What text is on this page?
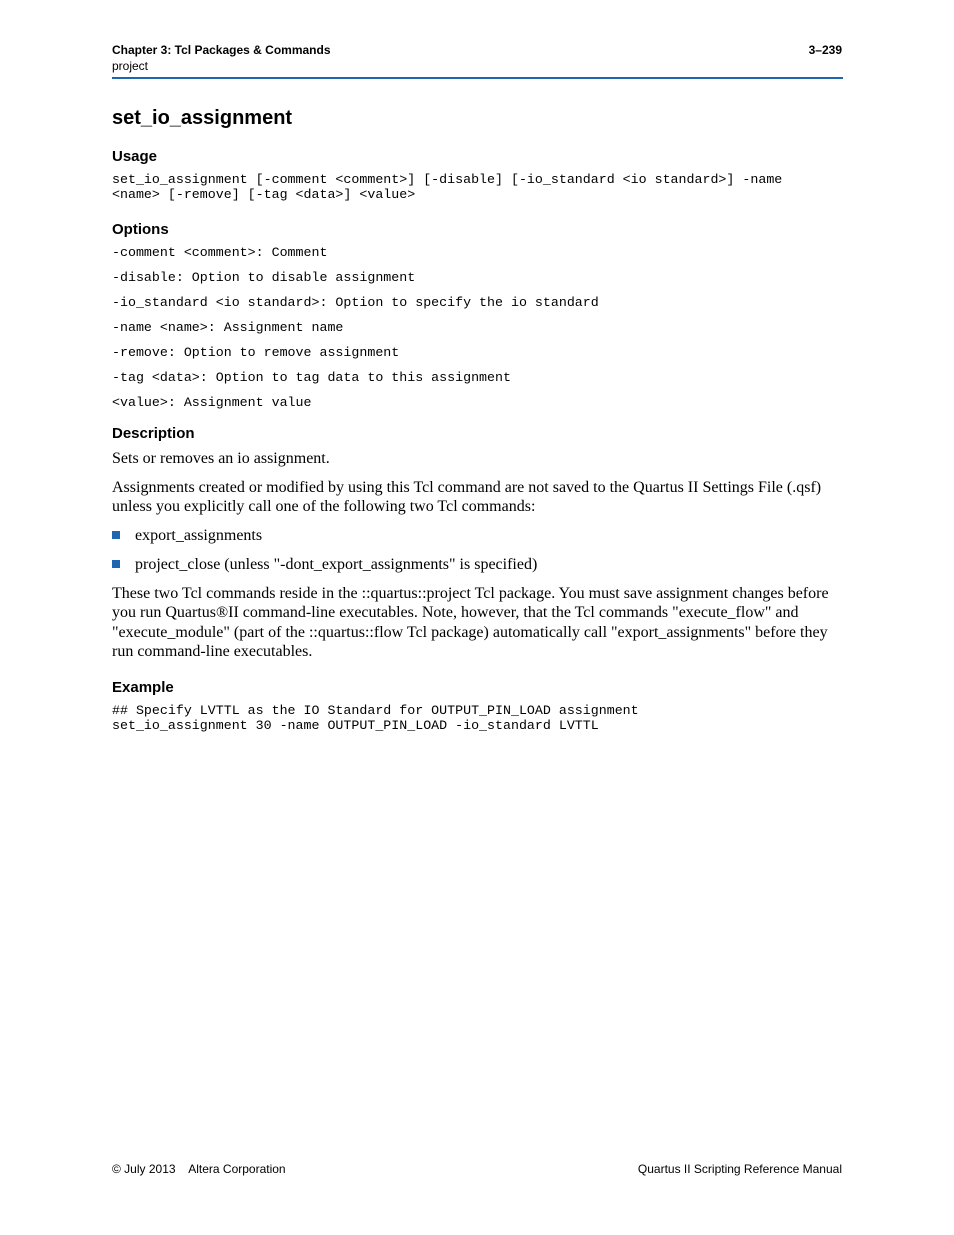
Chapter 3: Tcl Packages & Commands
project
3–239
set_io_assignment
Usage
set_io_assignment [-comment <comment>] [-disable] [-io_standard <io standard>] -name
<name> [-remove] [-tag <data>] <value>
Options
-comment <comment>: Comment
-disable: Option to disable assignment
-io_standard <io standard>: Option to specify the io standard
-name <name>: Assignment name
-remove: Option to remove assignment
-tag <data>: Option to tag data to this assignment
<value>: Assignment value
Description

Sets or removes an io assignment.

Assignments created or modified by using this Tcl command are not saved to the Quartus II Settings File (.qsf) unless you explicitly call one of the following two Tcl commands:

export_assignments
project_close (unless "-dont_export_assignments" is specified)

These two Tcl commands reside in the ::quartus::project Tcl package. You must save assignment changes before you run Quartus®II command-line executables. Note, however, that the Tcl commands "execute_flow" and "execute_module" (part of the ::quartus::flow Tcl package) automatically call "export_assignments" before they run command-line executables.

Example
## Specify LVTTL as the IO Standard for OUTPUT_PIN_LOAD assignment
set_io_assignment 30 -name OUTPUT_PIN_LOAD -io_standard LVTTL
© July 2013    Altera Corporation	Quartus II Scripting Reference Manual
